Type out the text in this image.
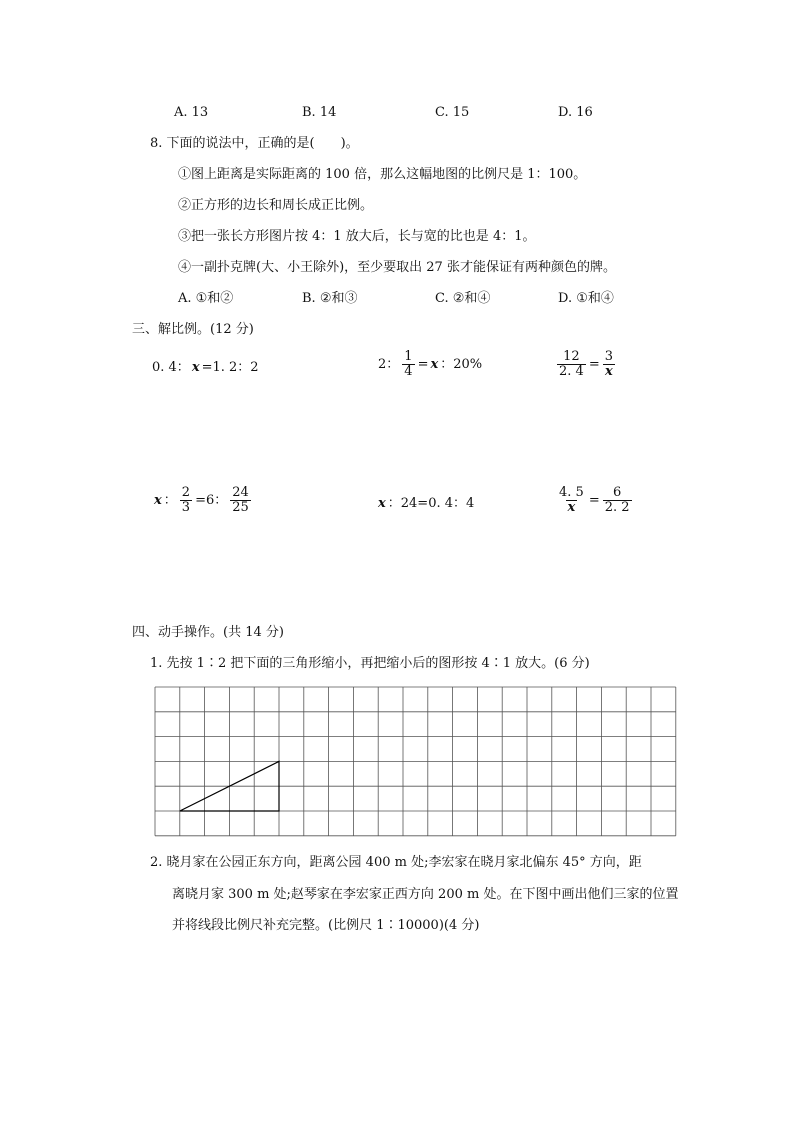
A. 13	B. 14	C. 15	D. 16
8. 下面的说法中，正确的是(　　)。
①图上距离是实际距离的 100 倍，那么这幅地图的比例尺是 1：100。
②正方形的边长和周长成正比例。
③把一张长方形图片按 4：1 放大后，长与宽的比也是 4：1。
④一副扑克牌(大、小王除外)，至少要取出 27 张才能保证有两种颜色的牌。
A. ①和②	B. ②和③	C. ②和④	D. ①和④
三、解比例。(12 分)
0. 4： x =1. 2：2	2： $\frac{1}{4} = x$ ：20%	$\frac{12}{2. 4} = \frac{3}{x}$
x ： $\frac{2}{3} =6$： $\frac{24}{25}$	x ：24=0. 4：4	$\frac{4. 5}{x} = \frac{6}{2. 2}$
四、动手操作。(共 14 分)
1. 先按 1∶2 把下面的三角形缩小，再把缩小后的图形按 4∶1 放大。(6 分)
2. 晓月家在公园正东方向，距离公园 400 m 处;李宏家在晓月家北偏东 45° 方向，距
离晓月家 300 m 处;赵琴家在李宏家正西方向 200 m 处。在下图中画出他们三家的位置
并将线段比例尺补充完整。(比例尺 1∶10000)(4 分)
